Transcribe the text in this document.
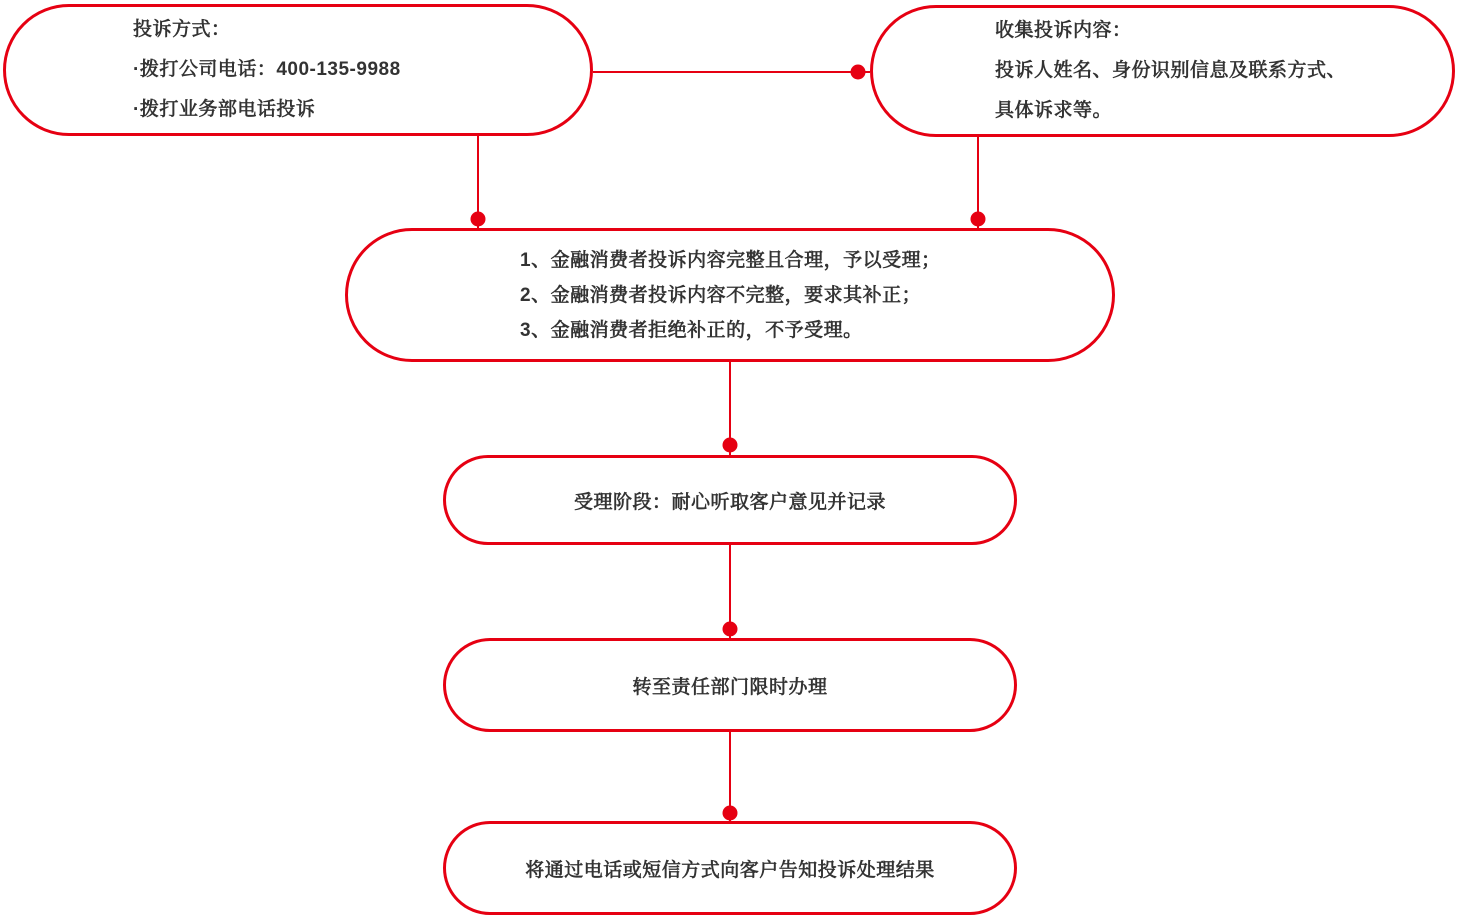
投诉方式：
·拨打公司电话：400-135-9988
·拨打业务部电话投诉
收集投诉内容：
投诉人姓名、身份识别信息及联系方式、
具体诉求等。
1、金融消费者投诉内容完整且合理，予以受理；
2、金融消费者投诉内容不完整，要求其补正；
3、金融消费者拒绝补正的，不予受理。
受理阶段：耐心听取客户意见并记录
转至责任部门限时办理
将通过电话或短信方式向客户告知投诉处理结果
